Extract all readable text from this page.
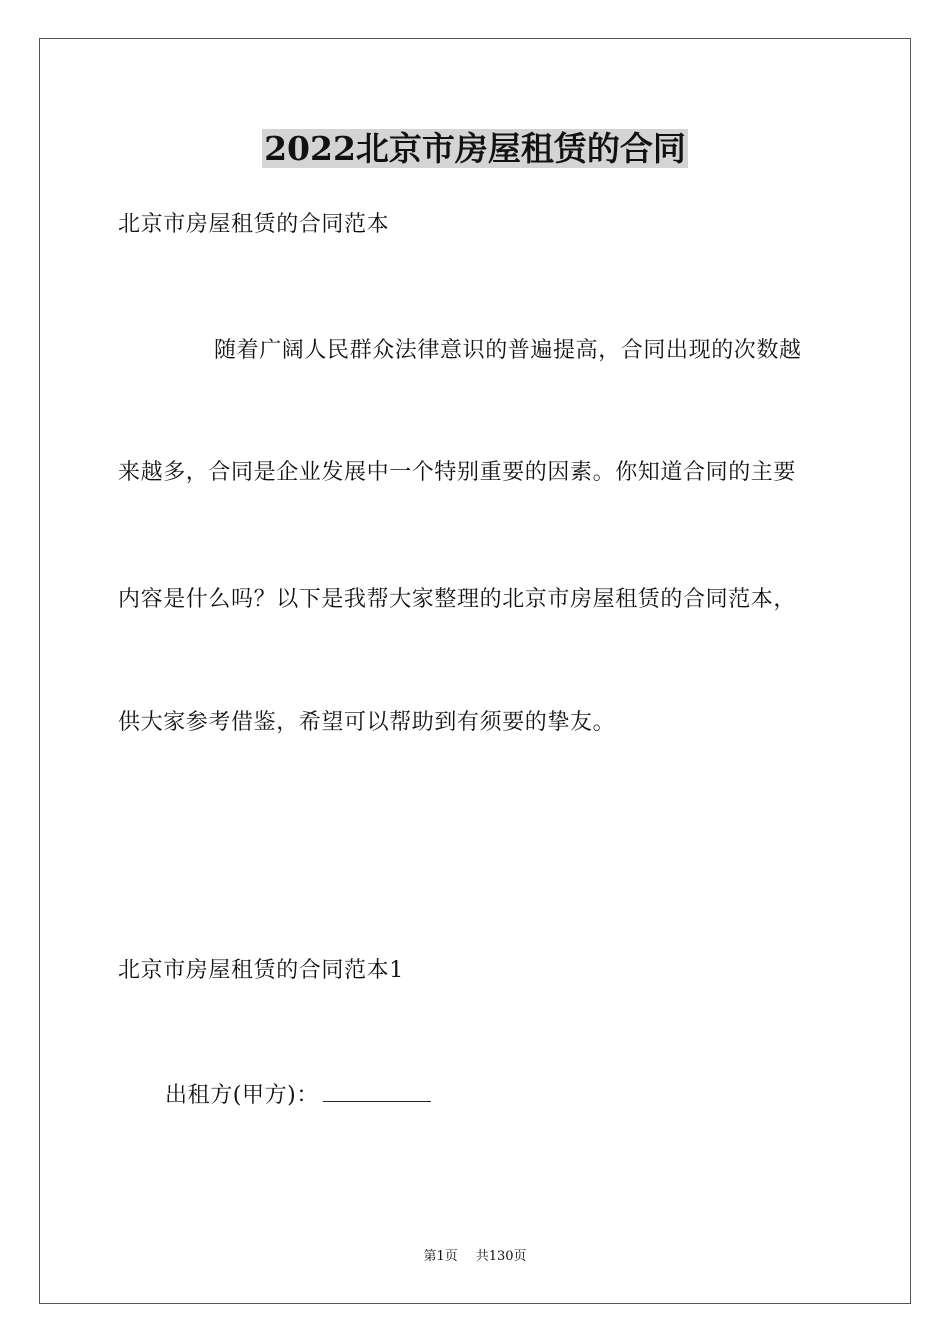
2022北京市房屋租赁的合同

北京市房屋租赁的合同范本

随着广阔人民群众法律意识的普遍提高，合同出现的次数越

来越多，合同是企业发展中一个特别重要的因素。你知道合同的主要

内容是什么吗？以下是我帮大家整理的北京市房屋租赁的合同范本，

供大家参考借鉴，希望可以帮助到有须要的挚友。

北京市房屋租赁的合同范本1

出租方(甲方)：

第1页 共130页
